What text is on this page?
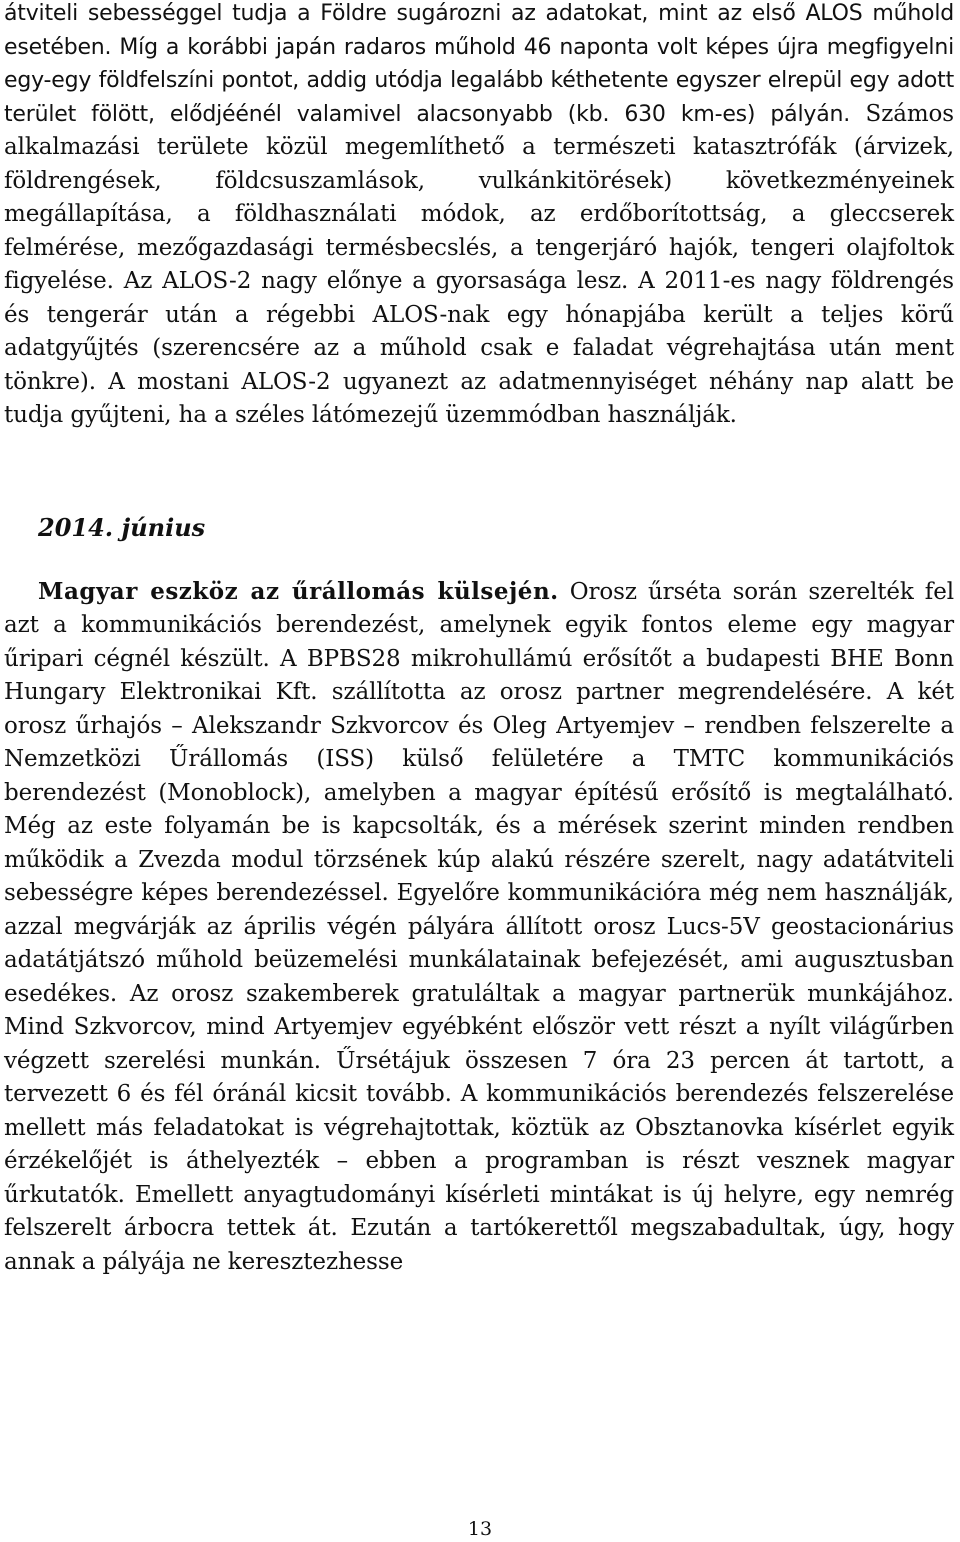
átviteli sebességgel tudja a Földre sugározni az adatokat, mint az első ALOS műhold esetében. Míg a korábbi japán radaros műhold 46 naponta volt képes újra megfigyelni egy-egy földfelszíni pontot, addig utódja legalább kéthetente egyszer elrepül egy adott terület fölött, elődjéénél valamivel alacsonyabb (kb. 630 km-es) pályán. Számos alkalmazási területe közül megemlíthető a természeti katasztrófák (árvizek, földrengések, földcsuszamlások, vulkánkitörések) következményeinek megállapítása, a földhasználati módok, az erdőborítottság, a gleccserek felmérése, mezőgazdasági termésbecslés, a tengerjáró hajók, tengeri olajfoltok figyelése. Az ALOS-2 nagy előnye a gyorsasága lesz. A 2011-es nagy földrengés és tengerár után a régebbi ALOS-nak egy hónapjába került a teljes körű adatgyűjtés (szerencsére az a műhold csak e faladat végrehajtása után ment tönkre). A mostani ALOS-2 ugyanezt az adatmennyiséget néhány nap alatt be tudja gyűjteni, ha a széles látómezejű üzemmódban használják.

2014. június

Magyar eszköz az űrállomás külsején. Orosz űrséta során szerelték fel azt a kommunikációs berendezést, amelynek egyik fontos eleme egy magyar űripari cégnél készült. A BPBS28 mikrohullámú erősítőt a budapesti BHE Bonn Hungary Elektronikai Kft. szállította az orosz partner megrendelésére. A két orosz űrhajós – Alekszandr Szkvorcov és Oleg Artyemjev – rendben felszerelte a Nemzetközi Űrállomás (ISS) külső felületére a TMTC kommunikációs berendezést (Monoblock), amelyben a magyar építésű erősítő is megtalálható. Még az este folyamán be is kapcsolták, és a mérések szerint minden rendben működik a Zvezda modul törzsének kúp alakú részére szerelt, nagy adatátviteli sebességre képes berendezéssel. Egyelőre kommunikációra még nem használják, azzal megvárják az április végén pályára állított orosz Lucs-5V geostacionárius adatátjátszó műhold beüzemelési munkálatainak befejezését, ami augusztusban esedékes. Az orosz szakemberek gratuláltak a magyar partnerük munkájához. Mind Szkvorcov, mind Artyemjev egyébként először vett részt a nyílt világűrben végzett szerelési munkán. Űrsétájuk összesen 7 óra 23 percen át tartott, a tervezett 6 és fél óránál kicsit tovább. A kommunikációs berendezés felszerelése mellett más feladatokat is végrehajtottak, köztük az Obsztanovka kísérlet egyik érzékelőjét is áthelyezték – ebben a programban is részt vesznek magyar űrkutatók. Emellett anyagtudományi kísérleti mintákat is új helyre, egy nemrég felszerelt árbocra tettek át. Ezután a tartókerettől megszabadultak, úgy, hogy annak a pályája ne keresztezhesse

13
